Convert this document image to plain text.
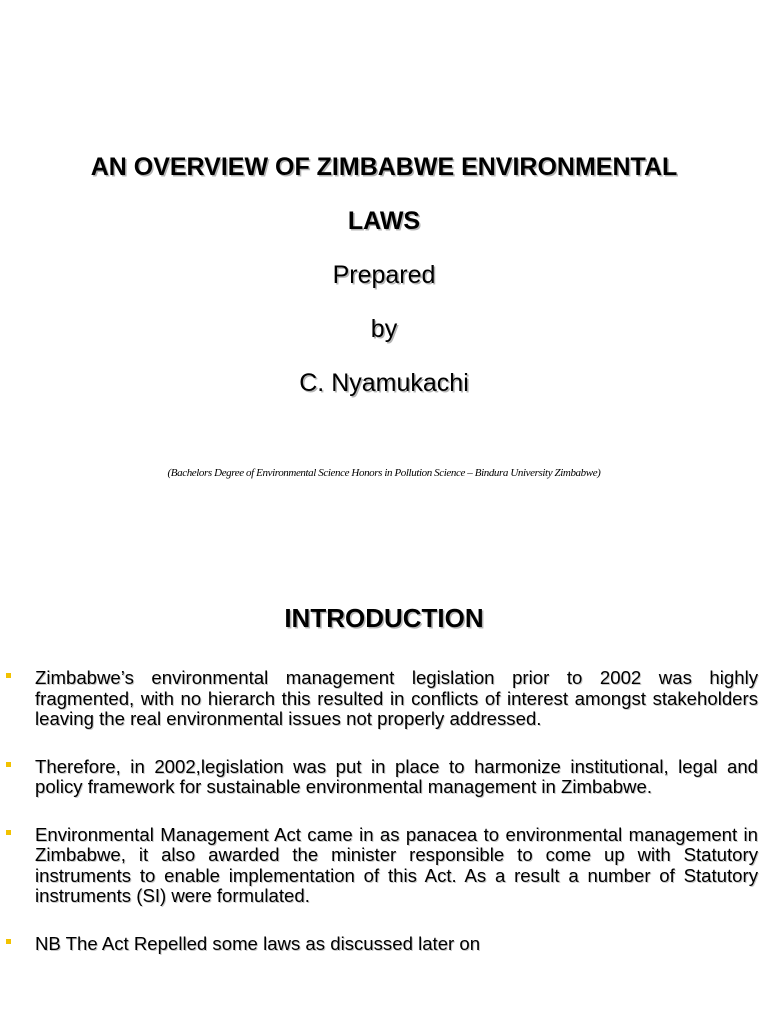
AN OVERVIEW OF ZIMBABWE ENVIRONMENTAL
LAWS
Prepared
by
C. Nyamukachi
(Bachelors Degree of Environmental Science Honors in Pollution Science – Bindura University Zimbabwe)
INTRODUCTION
Zimbabwe’s environmental management legislation prior to 2002 was highly fragmented, with no hierarch this resulted in conflicts of interest amongst stakeholders leaving the real environmental issues not properly addressed.
Therefore, in 2002,legislation was put in place to harmonize institutional, legal and policy framework for sustainable environmental management in Zimbabwe.
Environmental Management Act came in as panacea to environmental management in Zimbabwe, it also awarded the minister responsible to come up with Statutory instruments to enable implementation of this Act. As a result a number of Statutory instruments (SI) were formulated.
NB The Act Repelled some laws as discussed later on
